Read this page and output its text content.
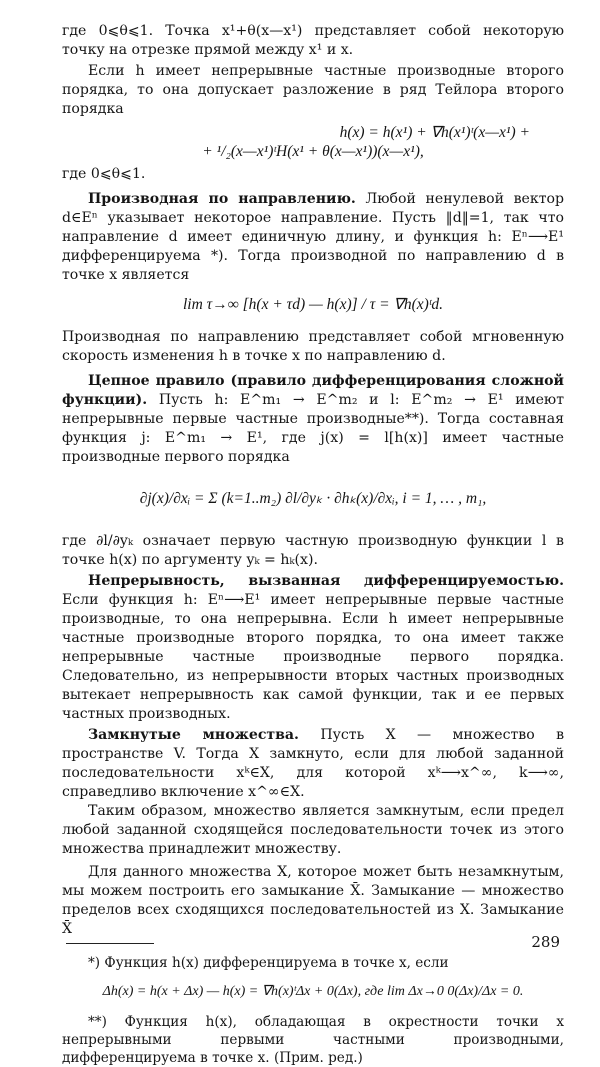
где 0⩽θ⩽1. Точка x¹+θ(x—x¹) представляет собой некоторую точку на отрезке прямой между x¹ и x.

Если h имеет непрерывные частные производные второго порядка, то она допускает разложение в ряд Тейлора второго порядка

h(x) = h(x¹) + ∇h(x¹)ᵗ(x—x¹) +

+ ¹/₂(x—x¹)ᵗH(x¹ + θ(x—x¹))(x—x¹),

где 0⩽θ⩽1.

Производная по направлению. Любой ненулевой вектор d∈Eⁿ указывает некоторое направление. Пусть ‖d‖=1, так что направление d имеет единичную длину, и функция h: Eⁿ⟶E¹ дифференцируема *). Тогда производной по направлению d в точке x является

lim τ→∞ [h(x + τd) — h(x)] / τ = ∇h(x)ᵗd.

Производная по направлению представляет собой мгновенную скорость изменения h в точке x по направлению d.

Цепное правило (правило дифференцирования сложной функции). Пусть h: E^m₁ → E^m₂ и l: E^m₂ → E¹ имеют непрерывные первые частные производные**). Тогда составная функция j: E^m₁ → E¹, где j(x) = l[h(x)] имеет частные производные первого порядка

∂j(x)/∂xᵢ = Σ (k=1..m₂) ∂l/∂yₖ · ∂hₖ(x)/∂xᵢ, i = 1, … , m₁,

где ∂l/∂yₖ означает первую частную производную функции l в точке h(x) по аргументу yₖ = hₖ(x).

Непрерывность, вызванная дифференцируемостью. Если функция h: Eⁿ⟶E¹ имеет непрерывные первые частные производные, то она непрерывна. Если h имеет непрерывные частные производные второго порядка, то она имеет также непрерывные частные производные первого порядка. Следовательно, из непрерывности вторых частных производных вытекает непрерывность как самой функции, так и ее первых частных производных.

Замкнутые множества. Пусть X — множество в пространстве V. Тогда X замкнуто, если для любой заданной последовательности xᵏ∈X, для которой xᵏ⟶x^∞, k⟶∞, справедливо включение x^∞∈X.

Таким образом, множество является замкнутым, если предел любой заданной сходящейся последовательности точек из этого множества принадлежит множеству.

Для данного множества X, которое может быть незамкнутым, мы можем построить его замыкание X̄. Замыкание — множество пределов всех сходящихся последовательностей из X. Замыкание X̄

*) Функция h(x) дифференцируема в точке x, если

Δh(x) = h(x + Δx) — h(x) = ∇h(x)ᵗΔx + 0(Δx), где lim Δx→0 0(Δx)/Δx = 0.

**) Функция h(x), обладающая в окрестности точки x непрерывными первыми частными производными, дифференцируема в точке x. (Прим. ред.)

289
